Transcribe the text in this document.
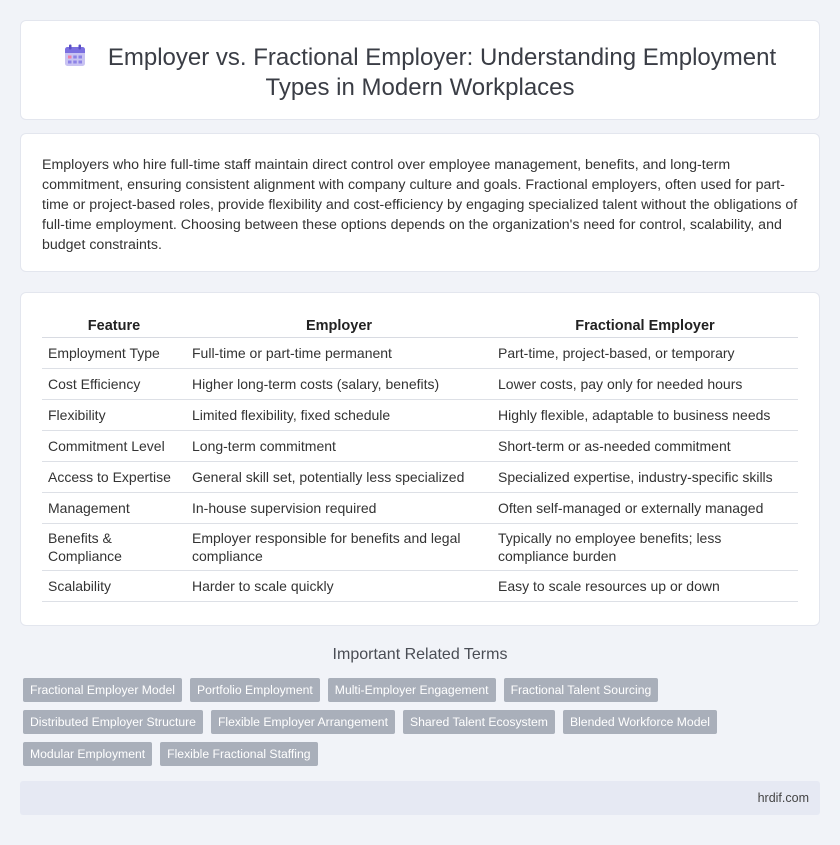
Employer vs. Fractional Employer: Understanding Employment Types in Modern Workplaces

Employers who hire full-time staff maintain direct control over employee management, benefits, and long-term commitment, ensuring consistent alignment with company culture and goals. Fractional employers, often used for part-time or project-based roles, provide flexibility and cost-efficiency by engaging specialized talent without the obligations of full-time employment. Choosing between these options depends on the organization's need for control, scalability, and budget constraints.

Feature	Employer	Fractional Employer
Employment Type	Full-time or part-time permanent	Part-time, project-based, or temporary
Cost Efficiency	Higher long-term costs (salary, benefits)	Lower costs, pay only for needed hours
Flexibility	Limited flexibility, fixed schedule	Highly flexible, adaptable to business needs
Commitment Level	Long-term commitment	Short-term or as-needed commitment
Access to Expertise	General skill set, potentially less specialized	Specialized expertise, industry-specific skills
Management	In-house supervision required	Often self-managed or externally managed
Benefits & Compliance	Employer responsible for benefits and legal compliance	Typically no employee benefits; less compliance burden
Scalability	Harder to scale quickly	Easy to scale resources up or down
Important Related Terms
Fractional Employer Model	Portfolio Employment	Multi-Employer Engagement	Fractional Talent Sourcing
Distributed Employer Structure	Flexible Employer Arrangement	Shared Talent Ecosystem	Blended Workforce Model
Modular Employment	Flexible Fractional Staffing
hrdif.com
